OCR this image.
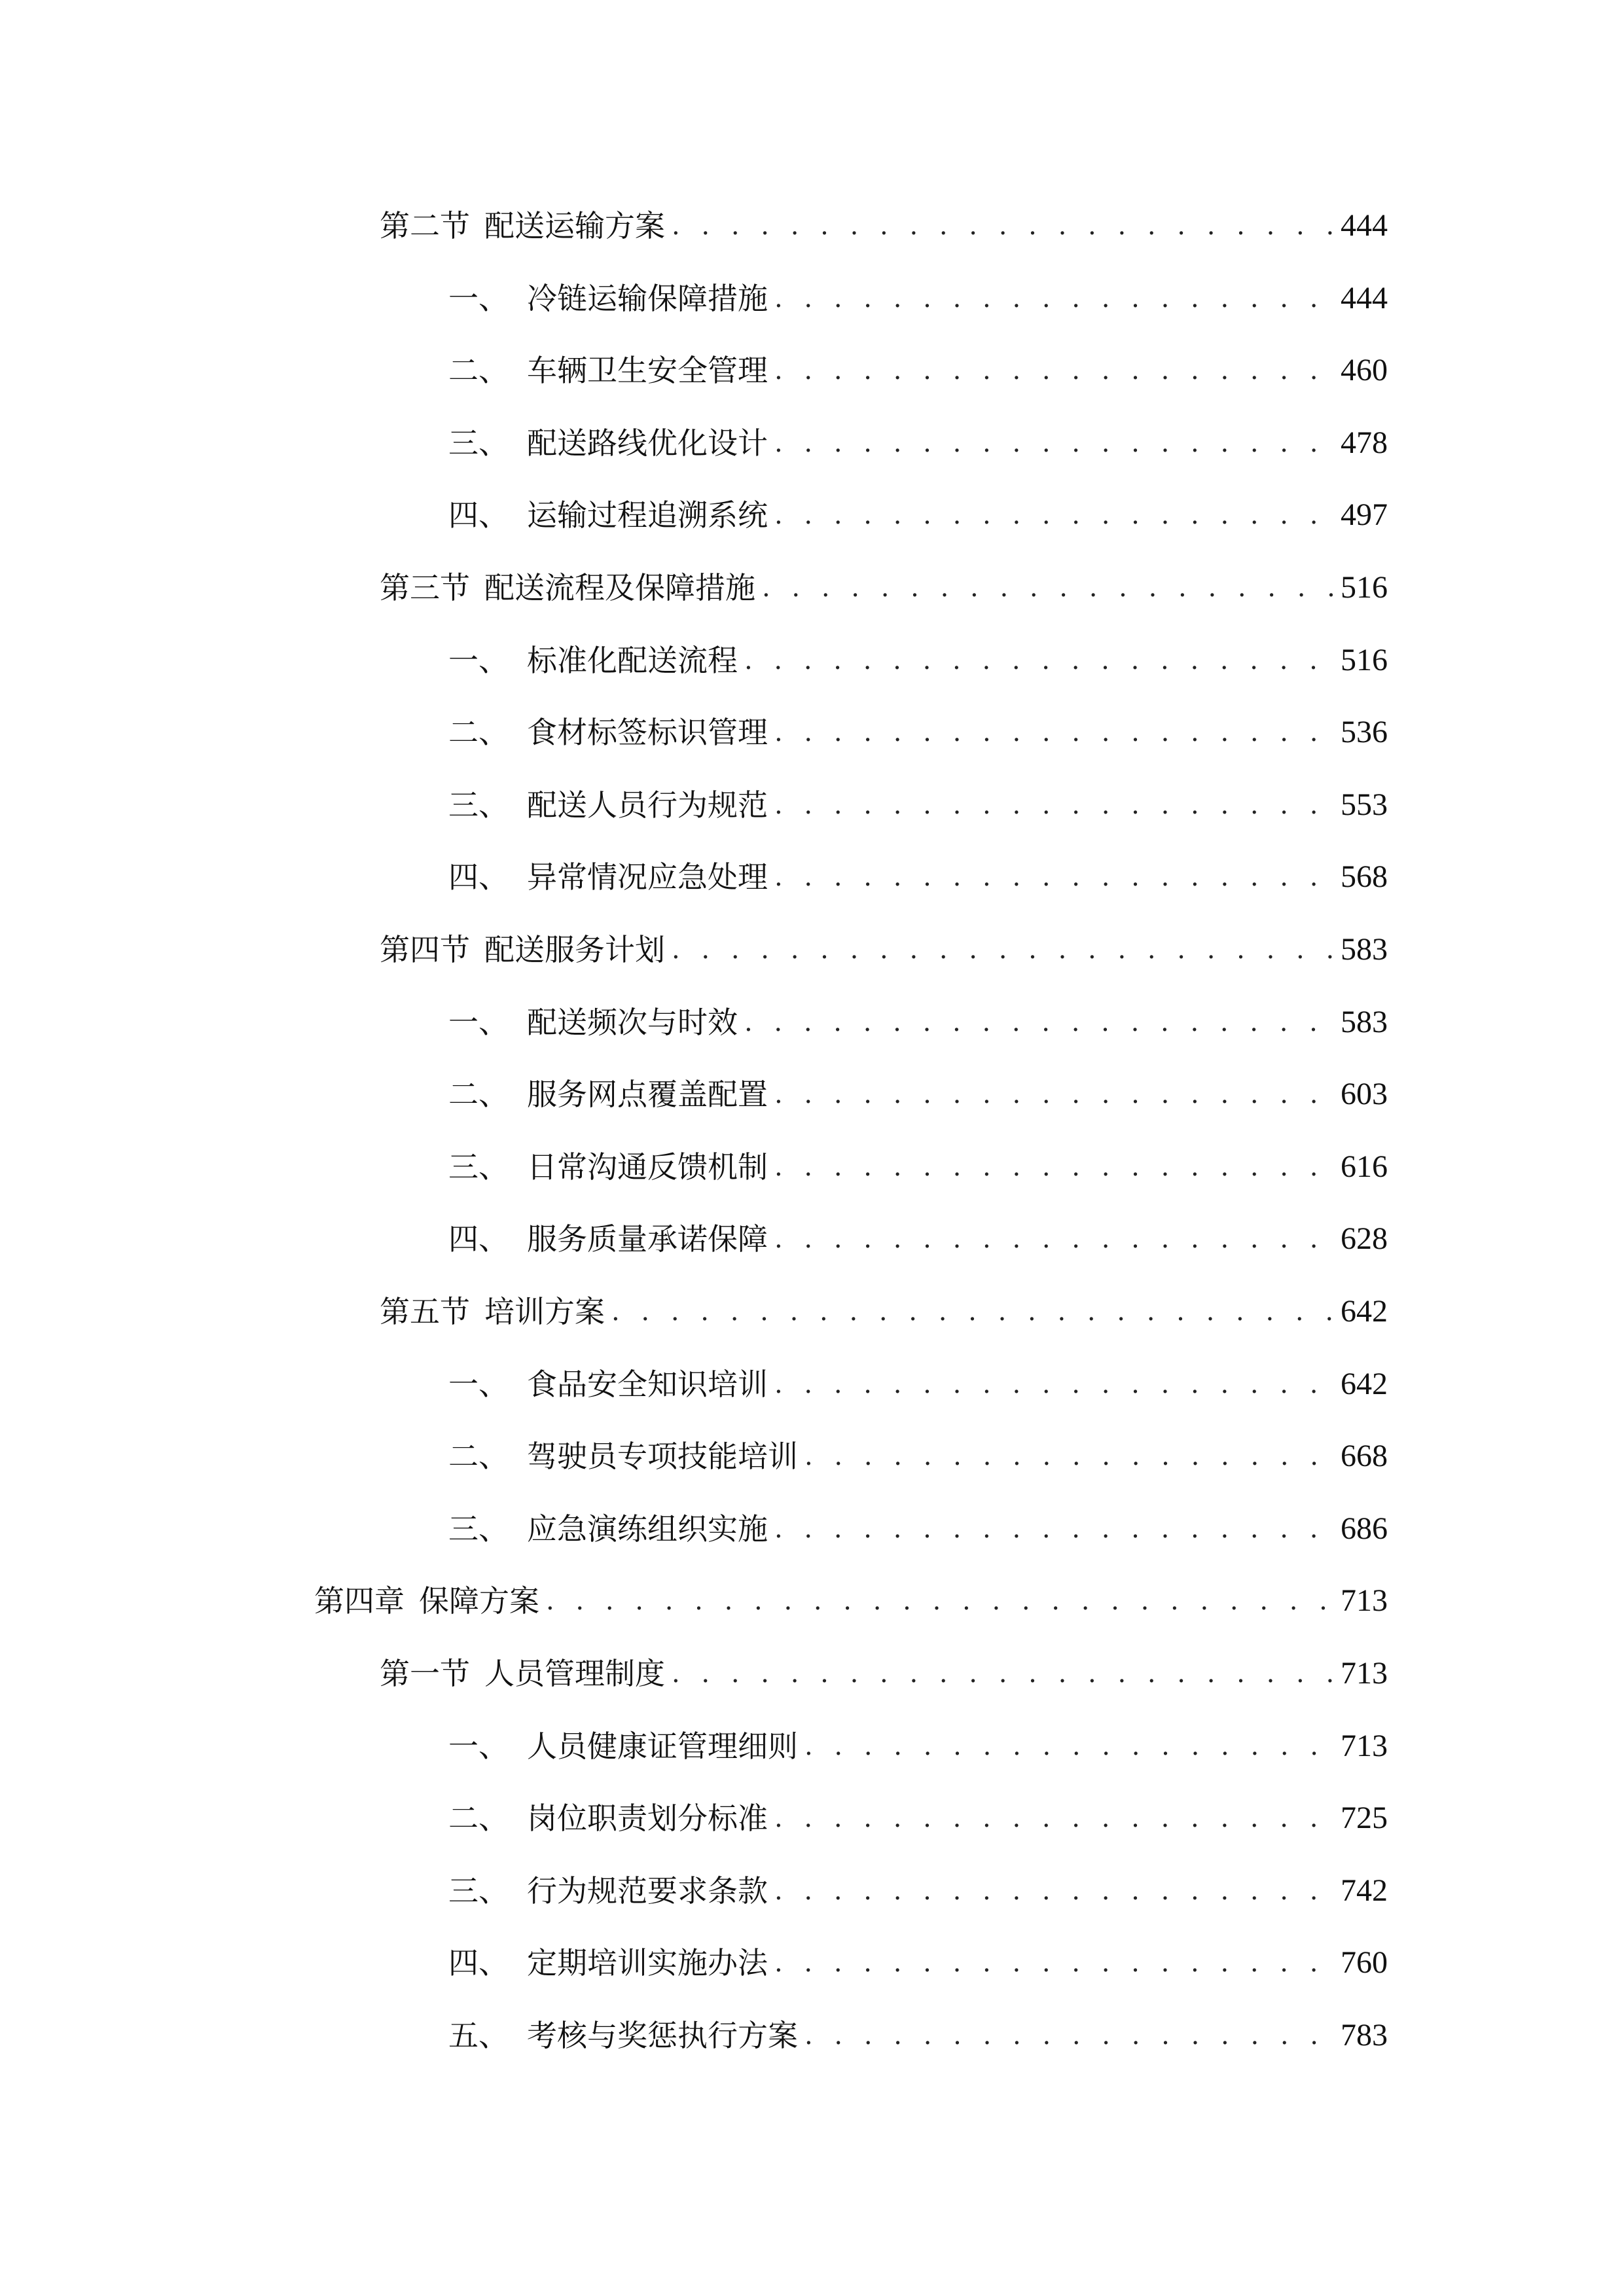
第二节 配送运输方案 . . .	444
一、 冷链运输保障措施 . . .	444
二、 车辆卫生安全管理 . . .	460
三、 配送路线优化设计 . . .	478
四、 运输过程追溯系统 . . .	497
第三节 配送流程及保障措施 . . .	516
一、 标准化配送流程 . . .	516
二、 食材标签标识管理 . . .	536
三、 配送人员行为规范 . . .	553
四、 异常情况应急处理 . . .	568
第四节 配送服务计划 . . .	583
一、 配送频次与时效 . . .	583
二、 服务网点覆盖配置 . . .	603
三、 日常沟通反馈机制 . . .	616
四、 服务质量承诺保障 . . .	628
第五节 培训方案 . . .	642
一、 食品安全知识培训 . . .	642
二、 驾驶员专项技能培训 . . .	668
三、 应急演练组织实施 . . .	686
第四章 保障方案 . . .	713
第一节 人员管理制度 . . .	713
一、 人员健康证管理细则 . . .	713
二、 岗位职责划分标准 . . .	725
三、 行为规范要求条款 . . .	742
四、 定期培训实施办法 . . .	760
五、 考核与奖惩执行方案 . . .	783
